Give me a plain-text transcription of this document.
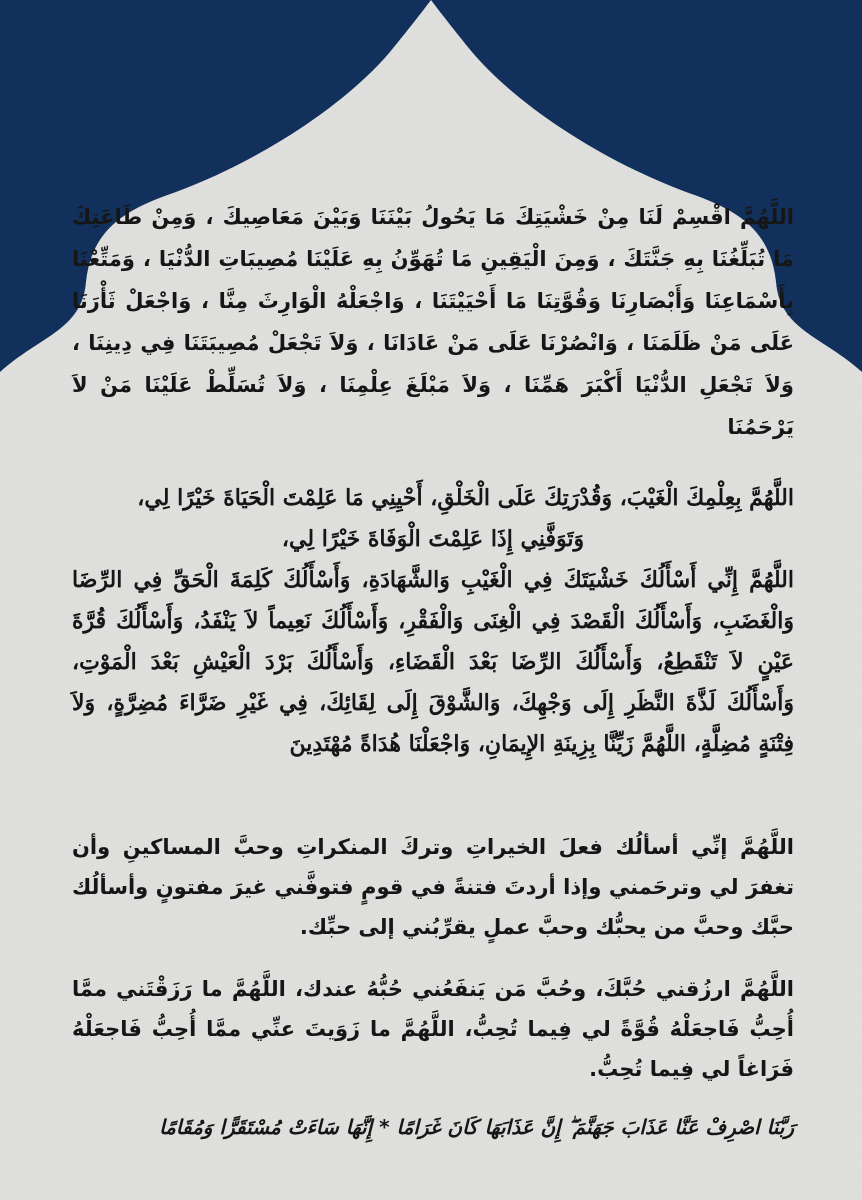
اللَّهُمَّ اقْسِمْ لَنَا مِنْ خَشْيَتِكَ مَا يَحُولُ بَيْنَنَا وَبَيْنَ مَعَاصِيكَ ، وَمِنْ طَاعَتِكَ مَا تُبَلِّغُنَا بِهِ جَنَّتَكَ ، وَمِنَ الْيَقِينِ مَا تُهَوِّنُ بِهِ عَلَيْنَا مُصِيبَاتِ الدُّنْيَا ، وَمَتِّعْنَا بِأَسْمَاعِنَا وَأَبْصَارِنَا وَقُوَّتِنَا مَا أَحْيَيْتَنَا ، وَاجْعَلْهُ الْوَارِثَ مِنَّا ، وَاجْعَلْ ثَأْرَنَا عَلَى مَنْ ظَلَمَنَا ، وَانْصُرْنَا عَلَى مَنْ عَادَانَا ، وَلاَ تَجْعَلْ مُصِيبَتَنَا فِي دِينِنَا ، وَلاَ تَجْعَلِ الدُّنْيَا أَكْبَرَ هَمِّنَا ، وَلاَ مَبْلَغَ عِلْمِنَا ، وَلاَ تُسَلِّطْ عَلَيْنَا مَنْ لاَ يَرْحَمُنَا

اللَّهُمَّ بِعِلْمِكَ الْغَيْبَ، وَقُدْرَتِكَ عَلَى الْخَلْقِ، أَحْيِنِي مَا عَلِمْتَ الْحَيَاةَ خَيْرًا لِي،

وَتَوَفَّنِي إِذَا عَلِمْتَ الْوَفَاةَ خَيْرًا لِي،

اللَّهُمَّ إِنِّي أَسْأَلُكَ خَشْيَتَكَ فِي الْغَيْبِ وَالشَّهَادَةِ، وَأَسْأَلُكَ كَلِمَةَ الْحَقِّ فِي الرِّضَا وَالْغَضَبِ، وَأَسْأَلُكَ الْقَصْدَ فِي الْغِنَى وَالْفَقْرِ، وَأَسْأَلُكَ نَعِيماً لاَ يَنْفَدُ، وَأَسْأَلُكَ قُرَّةَ عَيْنٍ لاَ تَنْقَطِعُ، وَأَسْأَلُكَ الرِّضَا بَعْدَ الْقَضَاءِ، وَأَسْأَلُكَ بَرْدَ الْعَيْشِ بَعْدَ الْمَوْتِ، وَأَسْأَلُكَ لَذَّةَ النَّظَرِ إِلَى وَجْهِكَ، وَالشَّوْقَ إِلَى لِقَائِكَ، فِي غَيْرِ ضَرَّاءَ مُضِرَّةٍ، وَلاَ فِتْنَةٍ مُضِلَّةٍ، اللَّهُمَّ زَيِّنَّا بِزِينَةِ الإِيمَانِ، وَاجْعَلْنَا هُدَاةً مُهْتَدِينَ

اللَّهُمَّ إنِّي أسألُك فعلَ الخيراتِ وتركَ المنكراتِ وحبَّ المساكينِ وأن تغفرَ لي وترحَمني وإذا أردتَ فتنةً في قومٍ فتوفَّني غيرَ مفتونٍ وأسألُك حبَّك وحبَّ من يحبُّك وحبَّ عملٍ يقرِّبُني إلى حبِّك.

اللَّهُمَّ ارزُقني حُبَّكَ، وحُبَّ مَن يَنفَعُني حُبُّهُ عندك، اللَّهُمَّ ما رَزَقْتَني ممَّا أُحِبُّ فَاجعَلْهُ قُوَّةً لي فِيما تُحِبُّ، اللَّهُمَّ ما زَوَيتَ عنِّي ممَّا أُحِبُّ فَاجعَلْهُ فَرَاغاً لي فِيما تُحِبُّ.

رَبَّنَا اصْرِفْ عَنَّا عَذَابَ جَهَنَّمَ ۖ إِنَّ عَذَابَهَا كَانَ غَرَامًا * إِنَّهَا سَاءَتْ مُسْتَقَرًّا وَمُقَامًا
